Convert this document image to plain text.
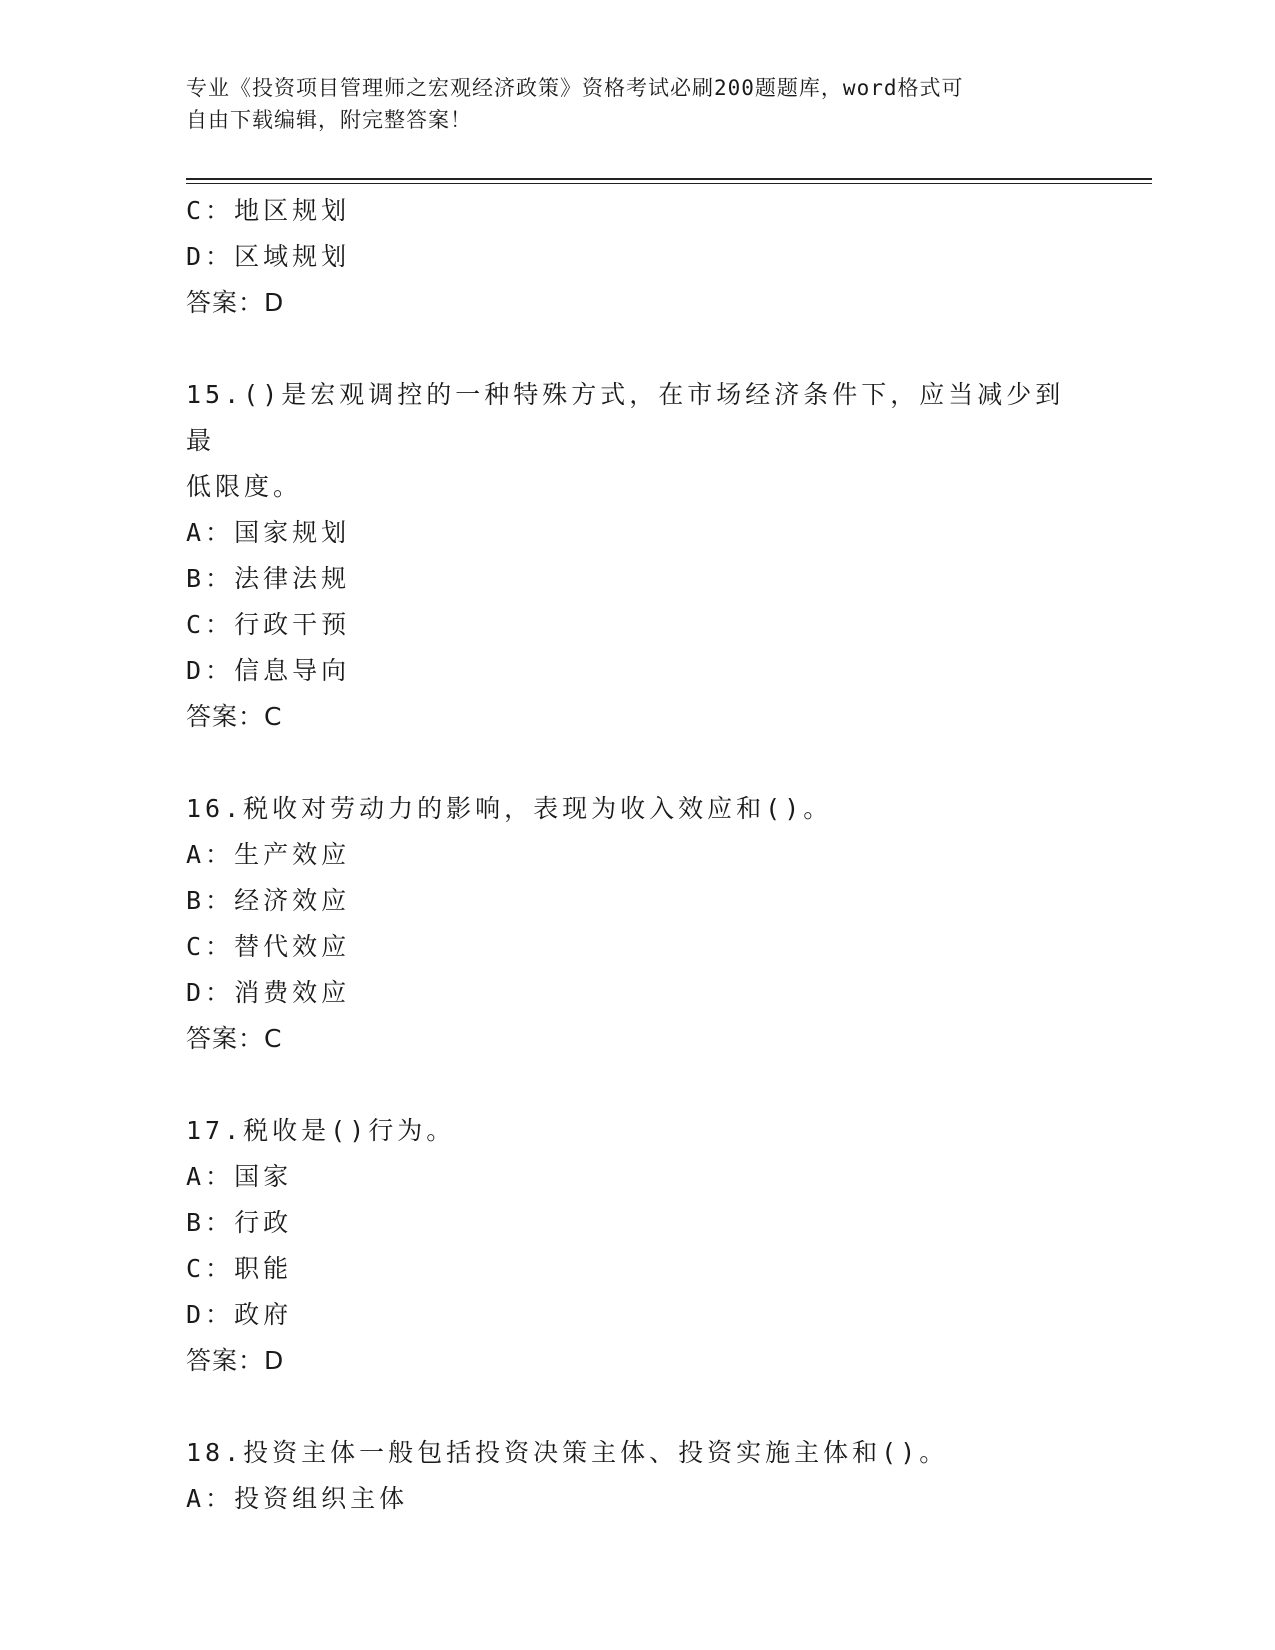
专业《投资项目管理师之宏观经济政策》资格考试必刷200题题库，word格式可
自由下载编辑，附完整答案！
C：地区规划
D：区域规划
答案：D
15.()是宏观调控的一种特殊方式，在市场经济条件下，应当减少到最
低限度。
A：国家规划
B：法律法规
C：行政干预
D：信息导向
答案：C
16.税收对劳动力的影响，表现为收入效应和()。
A：生产效应
B：经济效应
C：替代效应
D：消费效应
答案：C
17.税收是()行为。
A：国家
B：行政
C：职能
D：政府
答案：D
18.投资主体一般包括投资决策主体、投资实施主体和()。
A：投资组织主体
